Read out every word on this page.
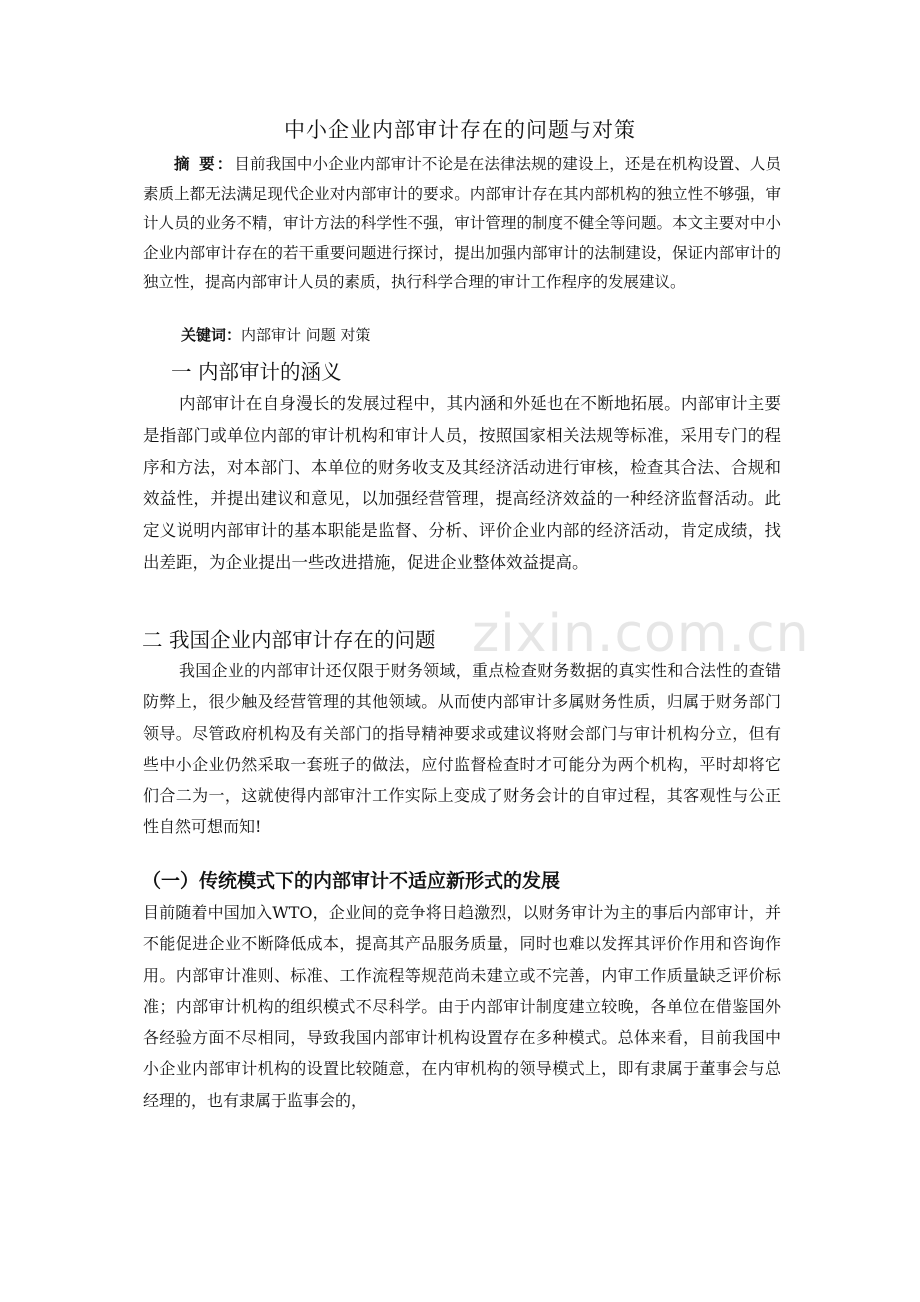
zixin.com.cn
中小企业内部审计存在的问题与对策
摘 要：目前我国中小企业内部审计不论是在法律法规的建设上，还是在机构设置、人员素质上都无法满足现代企业对内部审计的要求。内部审计存在其内部机构的独立性不够强，审计人员的业务不精，审计方法的科学性不强，审计管理的制度不健全等问题。本文主要对中小企业内部审计存在的若干重要问题进行探讨，提出加强内部审计的法制建设，保证内部审计的独立性，提高内部审计人员的素质，执行科学合理的审计工作程序的发展建议。
关键词：内部审计 问题 对策
一 内部审计的涵义
内部审计在自身漫长的发展过程中，其内涵和外延也在不断地拓展。内部审计主要是指部门或单位内部的审计机构和审计人员，按照国家相关法规等标准，采用专门的程序和方法，对本部门、本单位的财务收支及其经济活动进行审核，检查其合法、合规和效益性，并提出建议和意见，以加强经营管理，提高经济效益的一种经济监督活动。此定义说明内部审计的基本职能是监督、分析、评价企业内部的经济活动，肯定成绩，找出差距，为企业提出一些改进措施，促进企业整体效益提高。
二 我国企业内部审计存在的问题
我国企业的内部审计还仅限于财务领域，重点检查财务数据的真实性和合法性的查错防弊上，很少触及经营管理的其他领域。从而使内部审计多属财务性质，归属于财务部门领导。尽管政府机构及有关部门的指导精神要求或建议将财会部门与审计机构分立，但有些中小企业仍然采取一套班子的做法，应付监督检查时才可能分为两个机构，平时却将它们合二为一，这就使得内部审汁工作实际上变成了财务会计的自审过程，其客观性与公正性自然可想而知!
（一）传统模式下的内部审计不适应新形式的发展
目前随着中国加入WTO，企业间的竞争将日趋激烈，以财务审计为主的事后内部审计，并不能促进企业不断降低成本，提高其产品服务质量，同时也难以发挥其评价作用和咨询作用。内部审计准则、标准、工作流程等规范尚未建立或不完善，内审工作质量缺乏评价标准；内部审计机构的组织模式不尽科学。由于内部审计制度建立较晚，各单位在借鉴国外各经验方面不尽相同，导致我国内部审计机构设置存在多种模式。总体来看，目前我国中小企业内部审计机构的设置比较随意，在内审机构的领导模式上，即有隶属于董事会与总经理的，也有隶属于监事会的，
